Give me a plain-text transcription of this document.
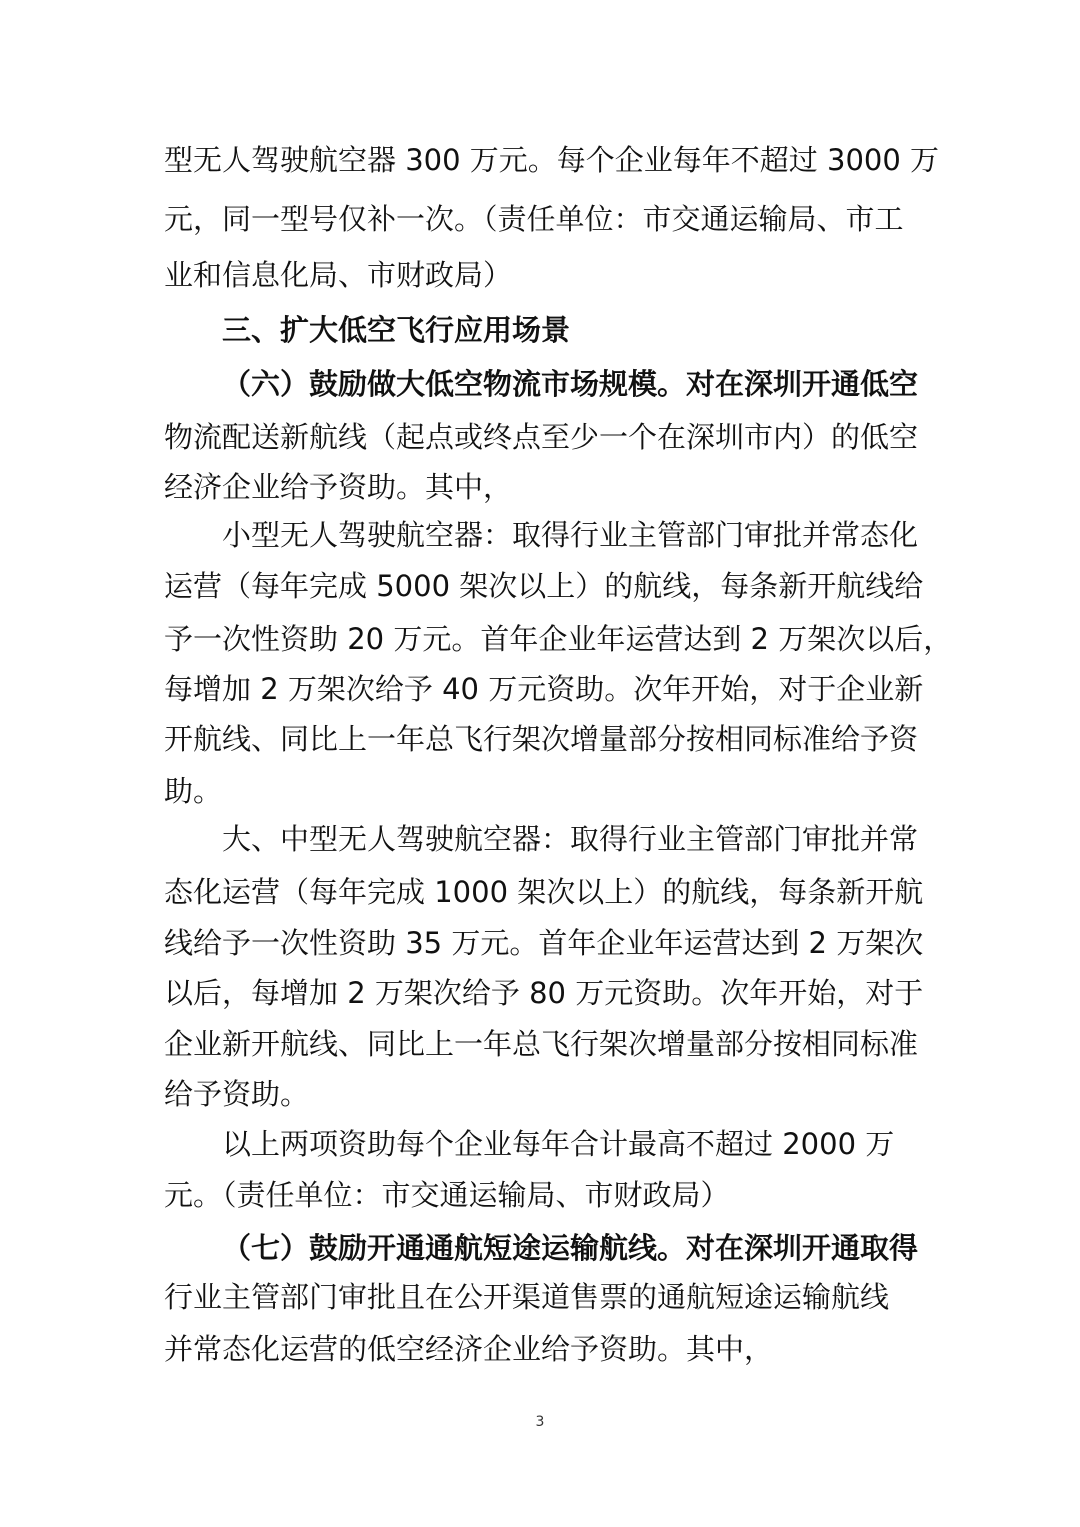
型无人驾驶航空器 300 万元。每个企业每年不超过 3000 万

元，同一型号仅补一次。（责任单位：市交通运输局、市工

业和信息化局、市财政局）

三、扩大低空飞行应用场景

（六）鼓励做大低空物流市场规模。对在深圳开通低空

物流配送新航线（起点或终点至少一个在深圳市内）的低空

经济企业给予资助。其中，

小型无人驾驶航空器：取得行业主管部门审批并常态化

运营（每年完成 5000 架次以上）的航线，每条新开航线给

予一次性资助 20 万元。首年企业年运营达到 2 万架次以后，

每增加 2 万架次给予 40 万元资助。次年开始，对于企业新

开航线、同比上一年总飞行架次增量部分按相同标准给予资

助。

大、中型无人驾驶航空器：取得行业主管部门审批并常

态化运营（每年完成 1000 架次以上）的航线，每条新开航

线给予一次性资助 35 万元。首年企业年运营达到 2 万架次

以后，每增加 2 万架次给予 80 万元资助。次年开始，对于

企业新开航线、同比上一年总飞行架次增量部分按相同标准

给予资助。

以上两项资助每个企业每年合计最高不超过 2000 万

元。（责任单位：市交通运输局、市财政局）

（七）鼓励开通通航短途运输航线。对在深圳开通取得

行业主管部门审批且在公开渠道售票的通航短途运输航线

并常态化运营的低空经济企业给予资助。其中，

3
